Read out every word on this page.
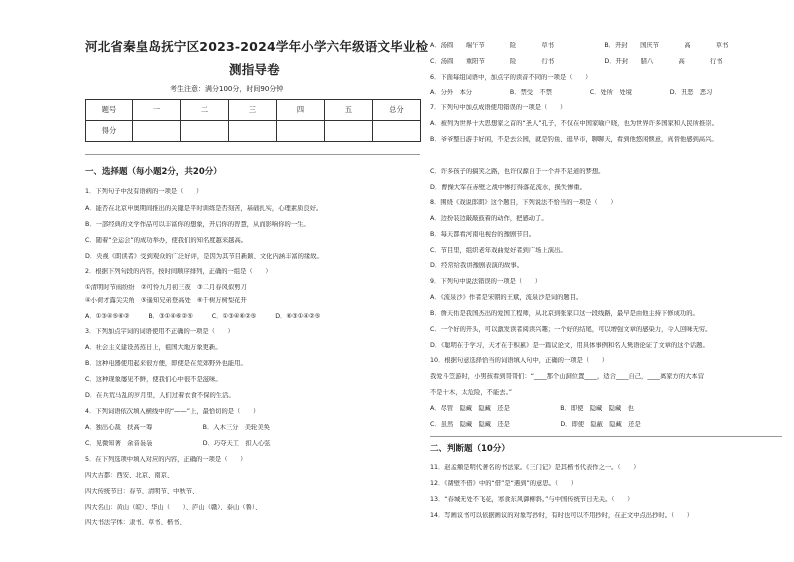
河北省秦皇岛抚宁区2023-2024学年小学六年级语文毕业检
测指导卷
考生注意：满分100分，时间90分钟
题号	一	二	三	四	五	总分
得分						
一、选择题（每小题2分，共20分）
1．下列句子中没有语病的一项是（　　）
A．能否在北京申奥期间推出的关键是平时训练是否刻苦，基础扎实，心理素质良好。
B．一部经典的文学作品可以丰富你的想象，开启你的智慧，从而影响你的一生。
C．随着“全运会”的成功举办，使我们的知名度越来越高。
D．央视《朗读者》受到观众的广泛好评，是因为其节目新颖、文化内涵丰富的缘故。
2．根据下列句段的内容，按时间顺序排列，正确的一组是（　　）
①清明时节雨纷纷　②可怜九月初三夜　③二月春风似剪刀
④小荷才露尖尖角　⑤遥知兄弟登高处　⑥千树万树梨花开
A．①③④⑤⑥②　　　B．③①④⑥②⑤　　　C．①③④⑥②⑤　　　D．⑥③①④②⑤
3．下列加点字词的词语使用不正确的一项是（　　）
A．社会主义建设蒸蒸日上，祖国大地万象更新。
B．这种电器使用起来很方便，即使是在荒郊野外也能用。
C．这种现象屡见不鲜，使我们心中很不是滋味。
D．在兵荒马乱的岁月里，人们过着衣食不保的生活。
4．下列词语依次填入横线中的“——”上，最恰切的是（　　）
A．独出心裁　扶高一筹　　　　　　　　B．入木三分　美轮美奂
C．见微知著　余音袅袅　　　　　　　　D．巧夺天工　扣人心弦
5．在下列选项中填入对应的内容，正确的一项是（　　）
四大古都：西安、北京、南京、
四大传统节日：春节、清明节、中秋节、
四大名山：黄山（皖）、华山（　　）、庐山（赣）、泰山（鲁）、
四大书法字体：隶书、草书、楷书、
A．汤圆　　端午节　　　　险　　　　草书　　　　　　　　B．开封　　国庆节　　　　高　　　　草书
C．汤圆　　重阳节　　　　险　　　　行书　　　　　　　　D．开封　　腊八　　　　高　　　　行书
6．下面每组词语中，加点字的读音不同的一项是（　　）
A．分外　本分　　　　　　B．禁受　不禁　　　　　　C．处所　处境　　　　　　D．丑恶　恶习
7．下列句中加点成语使用错误的一项是（　　）
A．被列为世界十大思想家之首的“圣人”孔子，不仅在中国家喻户晓，也为世界许多国家和人民所推崇。
B．爷爷整日游手好闲，不是去公园，就是钓鱼、逛早市，聊聊天，看到他悠闲惬意，真替他感到高兴。
C．许多孩子的搞笑之路，也许仅源自于一个并不足道的梦想。
D．曹操大军在赤壁之战中惨打得落花流水，损失惨重。
8．围绕《戏说郎朗》这个题目，下列说法不恰当的一项是（　　）
A．边扮装边敲敲鼓着的动作，把感动了。
B．每天都看河南电视台的豫剧节目。
C．节目里，组织老年戏曲爱好者到广场上演出。
D．经常给我讲豫剧表演的故事。
9．下列句中说法错误的一项是（　　）
A．《流泉沙》作者是宋朝的王斌，流泉沙是词的题目。
B．詹天佑是我国杰出的爱国工程师，从北京到张家口这一段线路，最早是由他主持下修成功的。
C．一个好的开头，可以激发读者阅读兴趣；一个好的结尾，可以增强文章的感染力，令人回味无穷。
D．《聪明在于学习，天才在于积累》是一篇议论文，用具体事例和名人隽语论证了文章的这个话题。
10．根据句意选择恰当的词语填入句中，正确的一项是（　　）
我爱斗笠游时，小男孩看到哥哥们：“____那个山洞位置____，适合____自己，____离家方的大本营
不是十木，太危险，不能去。”
A．尽管　隐藏　隐藏　还是　　　　　　　　B．即使　隐藏　隐藏　也
C．虽然　隐藏　隐藏　还是　　　　　　　　D．即使　隐蔽　隐藏　还是
二、判断题（10分）
11．赵孟頫是明代著名的书法家。《三门记》是其楷书代表作之一。（　　）
12．《凿壁不借》中的“借”是“遇到”的意思。（　　）
13．“春城无处不飞花，寒食东风御柳斜。”与中国传统节日无关。（　　）
14．写画议书可以依据画议的对象写抄时，有时也可以不用抄时，在正文中点出抄时。（　　）
